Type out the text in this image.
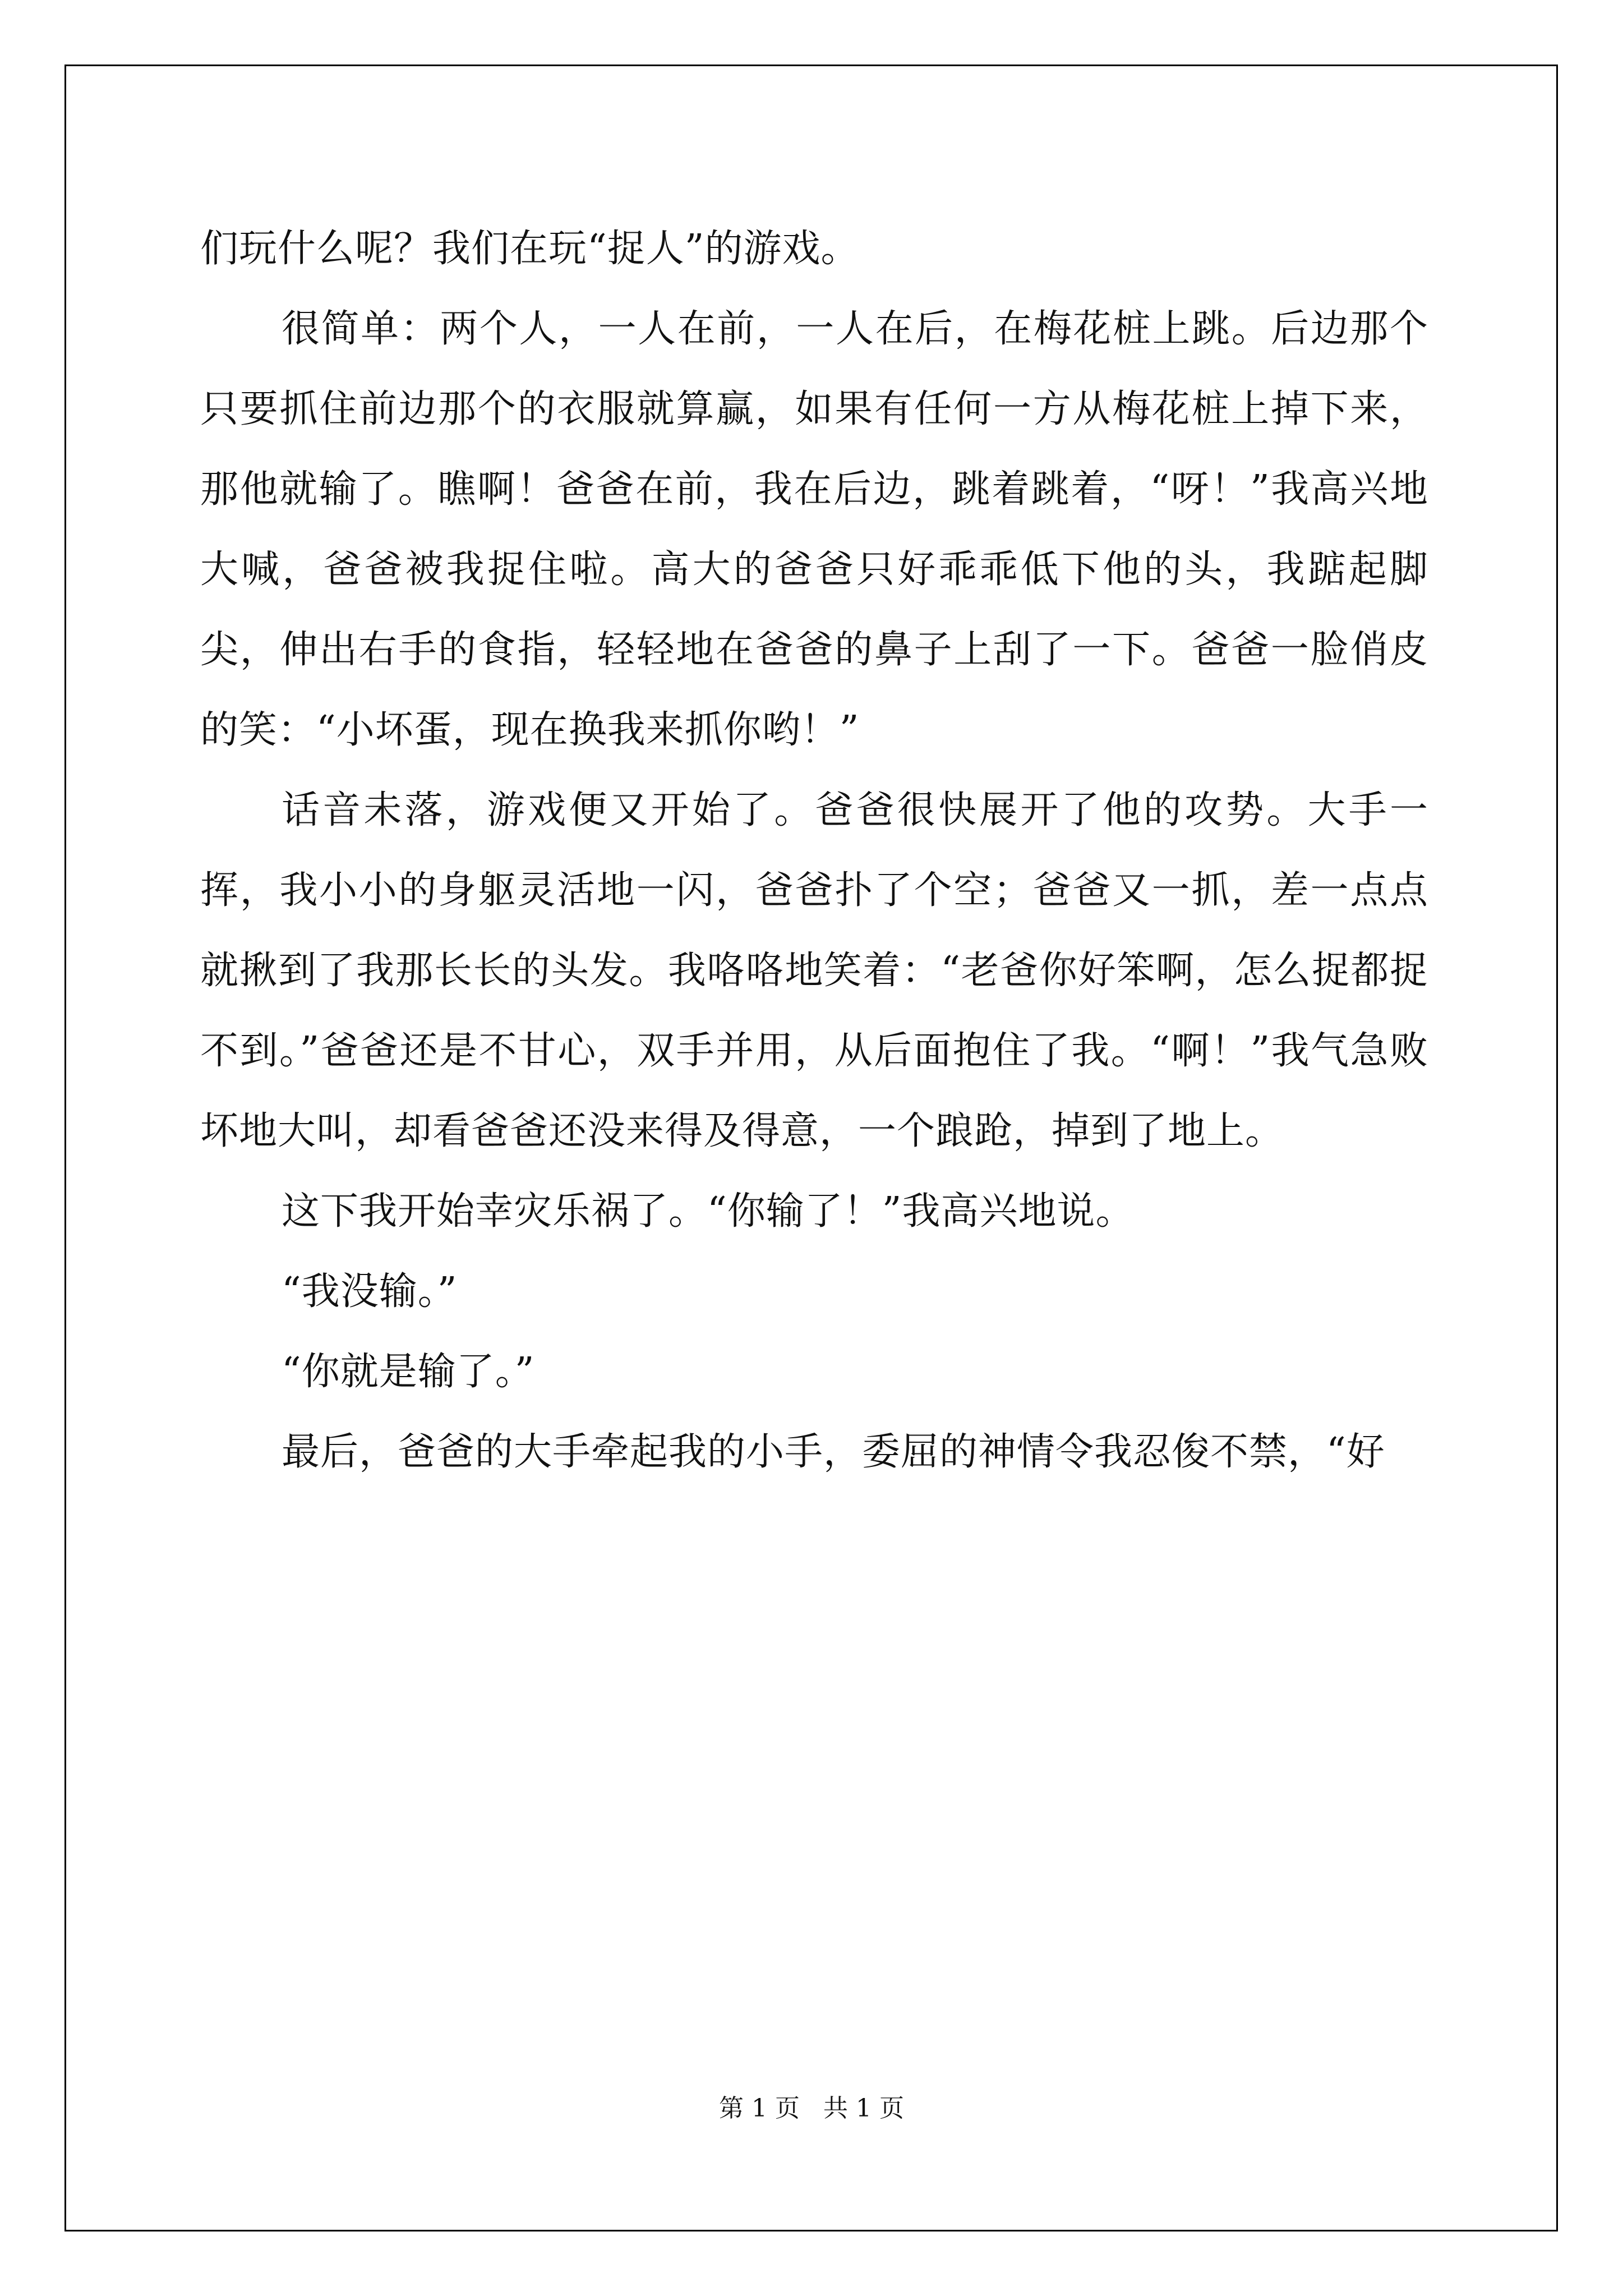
们玩什么呢？我们在玩“捉人”的游戏。

很简单：两个人，一人在前，一人在后，在梅花桩上跳。后边那个只要抓住前边那个的衣服就算赢，如果有任何一方从梅花桩上掉下来，那他就输了。瞧啊！爸爸在前，我在后边，跳着跳着，“呀！”我高兴地大喊，爸爸被我捉住啦。高大的爸爸只好乖乖低下他的头，我踮起脚尖，伸出右手的食指，轻轻地在爸爸的鼻子上刮了一下。爸爸一脸俏皮的笑：“小坏蛋，现在换我来抓你哟！”

话音未落，游戏便又开始了。爸爸很快展开了他的攻势。大手一挥，我小小的身躯灵活地一闪，爸爸扑了个空；爸爸又一抓，差一点点就揪到了我那长长的头发。我咯咯地笑着：“老爸你好笨啊，怎么捉都捉不到。”爸爸还是不甘心，双手并用，从后面抱住了我。“啊！”我气急败坏地大叫，却看爸爸还没来得及得意，一个踉跄，掉到了地上。

这下我开始幸灾乐祸了。“你输了！”我高兴地说。

“我没输。”

“你就是输了。”

最后，爸爸的大手牵起我的小手，委屈的神情令我忍俊不禁，“好

第 1 页 共 1 页
